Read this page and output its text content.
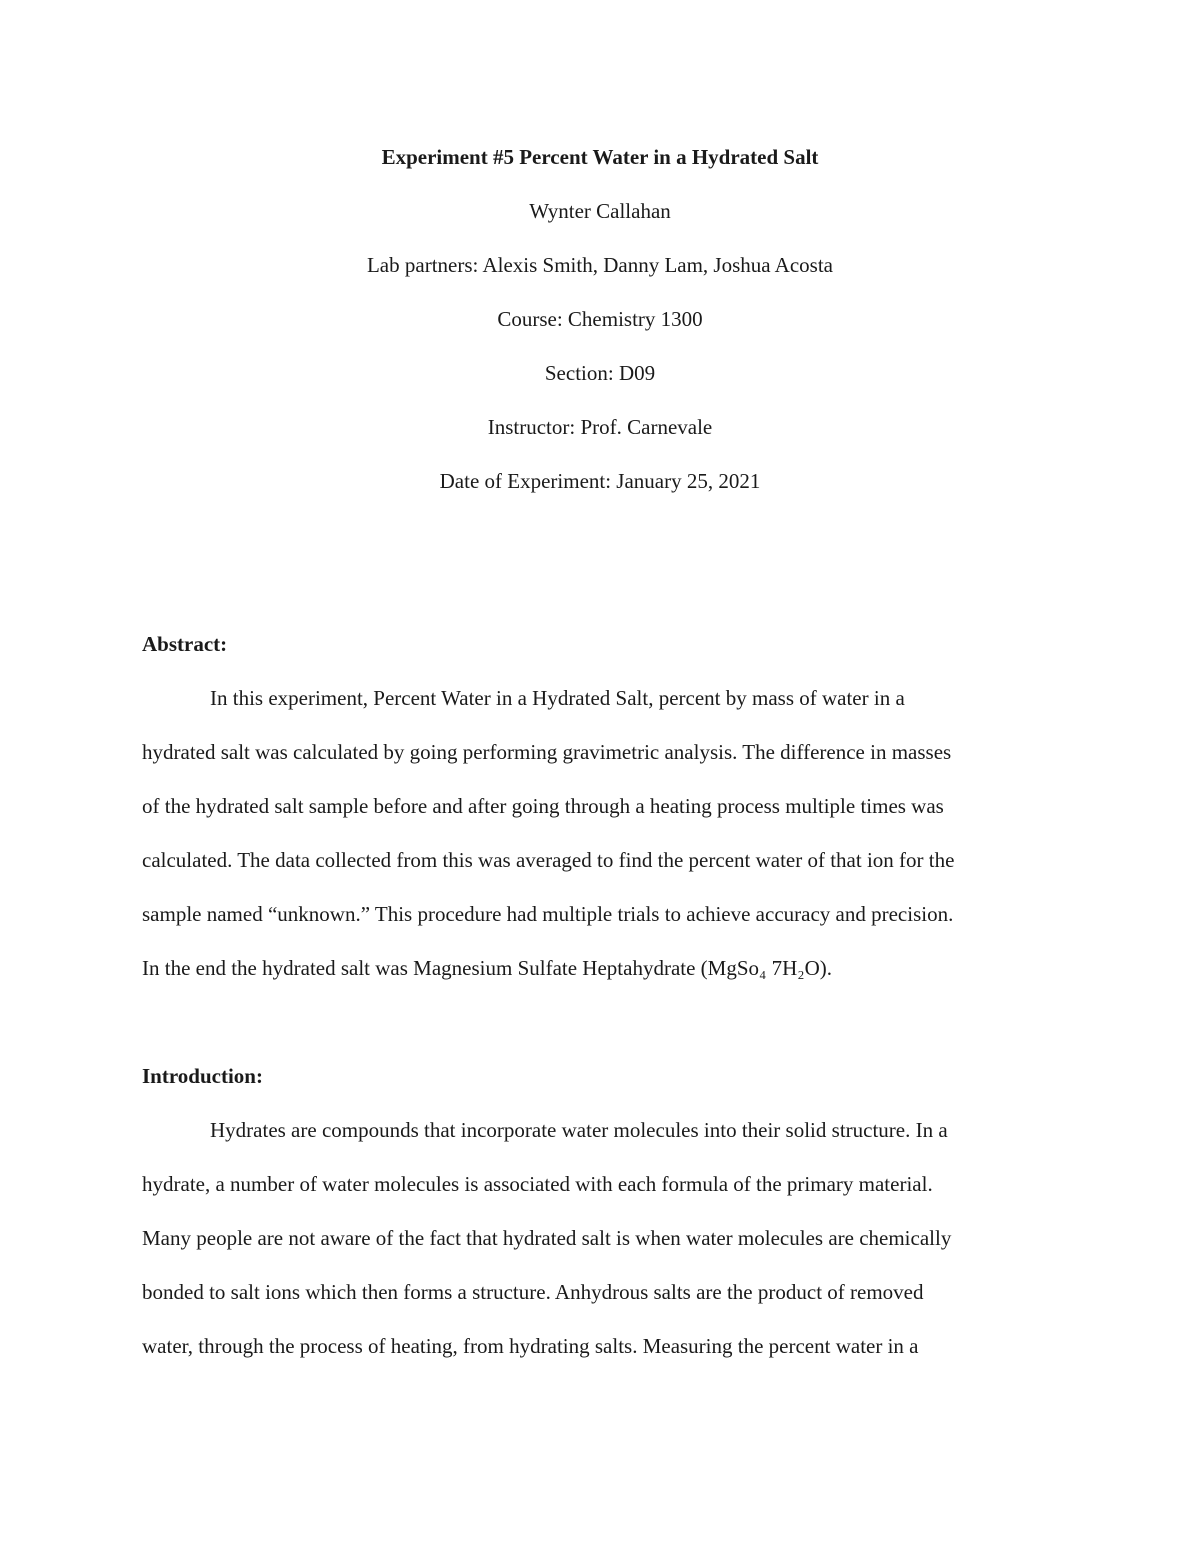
Experiment #5 Percent Water in a Hydrated Salt

Wynter Callahan

Lab partners: Alexis Smith, Danny Lam, Joshua Acosta

Course: Chemistry 1300

Section: D09

Instructor: Prof. Carnevale

Date of Experiment: January 25, 2021

Abstract:

In this experiment, Percent Water in a Hydrated Salt, percent by mass of water in a
hydrated salt was calculated by going performing gravimetric analysis. The difference in masses
of the hydrated salt sample before and after going through a heating process multiple times was
calculated. The data collected from this was averaged to find the percent water of that ion for the
sample named “unknown.” This procedure had multiple trials to achieve accuracy and precision.
In the end the hydrated salt was Magnesium Sulfate Heptahydrate (MgSo₄ 7H₂O).

Introduction:

Hydrates are compounds that incorporate water molecules into their solid structure. In a
hydrate, a number of water molecules is associated with each formula of the primary material.
Many people are not aware of the fact that hydrated salt is when water molecules are chemically
bonded to salt ions which then forms a structure. Anhydrous salts are the product of removed
water, through the process of heating, from hydrating salts. Measuring the percent water in a
